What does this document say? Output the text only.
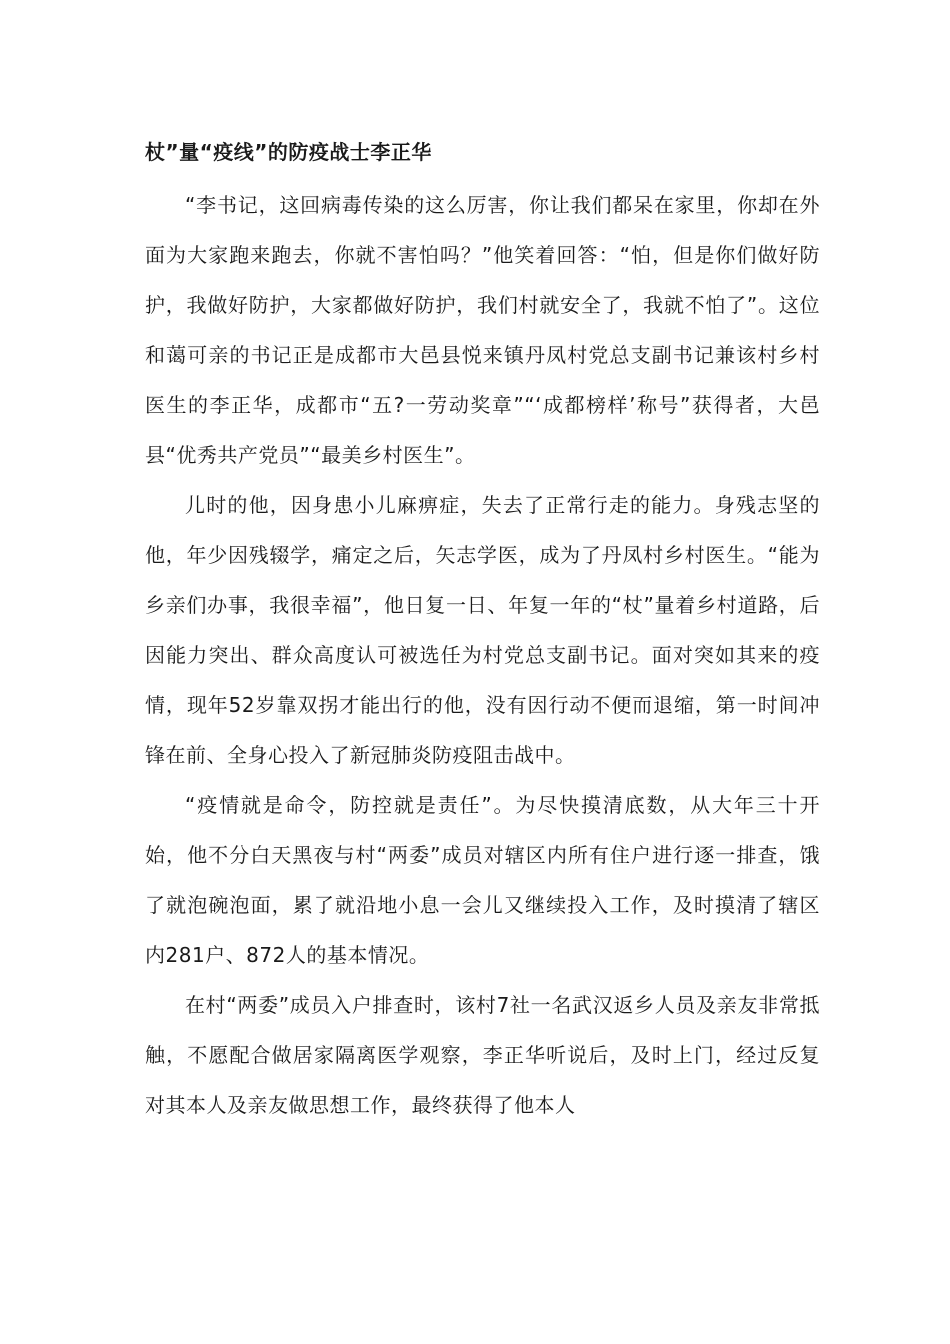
杖”量“疫线”的防疫战士李正华

“李书记，这回病毒传染的这么厉害，你让我们都呆在家里，你却在外面为大家跑来跑去，你就不害怕吗？”他笑着回答：“怕，但是你们做好防护，我做好防护，大家都做好防护，我们村就安全了，我就不怕了”。这位和蔼可亲的书记正是成都市大邑县悦来镇丹凤村党总支副书记兼该村乡村医生的李正华，成都市“五?一劳动奖章”“‘成都榜样’称号”获得者，大邑县“优秀共产党员”“最美乡村医生”。

儿时的他，因身患小儿麻痹症，失去了正常行走的能力。身残志坚的他，年少因残辍学，痛定之后，矢志学医，成为了丹凤村乡村医生。“能为乡亲们办事，我很幸福”，他日复一日、年复一年的“杖”量着乡村道路，后因能力突出、群众高度认可被选任为村党总支副书记。面对突如其来的疫情，现年52岁靠双拐才能出行的他，没有因行动不便而退缩，第一时间冲锋在前、全身心投入了新冠肺炎防疫阻击战中。

“疫情就是命令，防控就是责任”。为尽快摸清底数，从大年三十开始，他不分白天黑夜与村“两委”成员对辖区内所有住户进行逐一排查，饿了就泡碗泡面，累了就沿地小息一会儿又继续投入工作，及时摸清了辖区内281户、872人的基本情况。

在村“两委”成员入户排查时，该村7社一名武汉返乡人员及亲友非常抵触，不愿配合做居家隔离医学观察，李正华听说后，及时上门，经过反复对其本人及亲友做思想工作，最终获得了他本人
